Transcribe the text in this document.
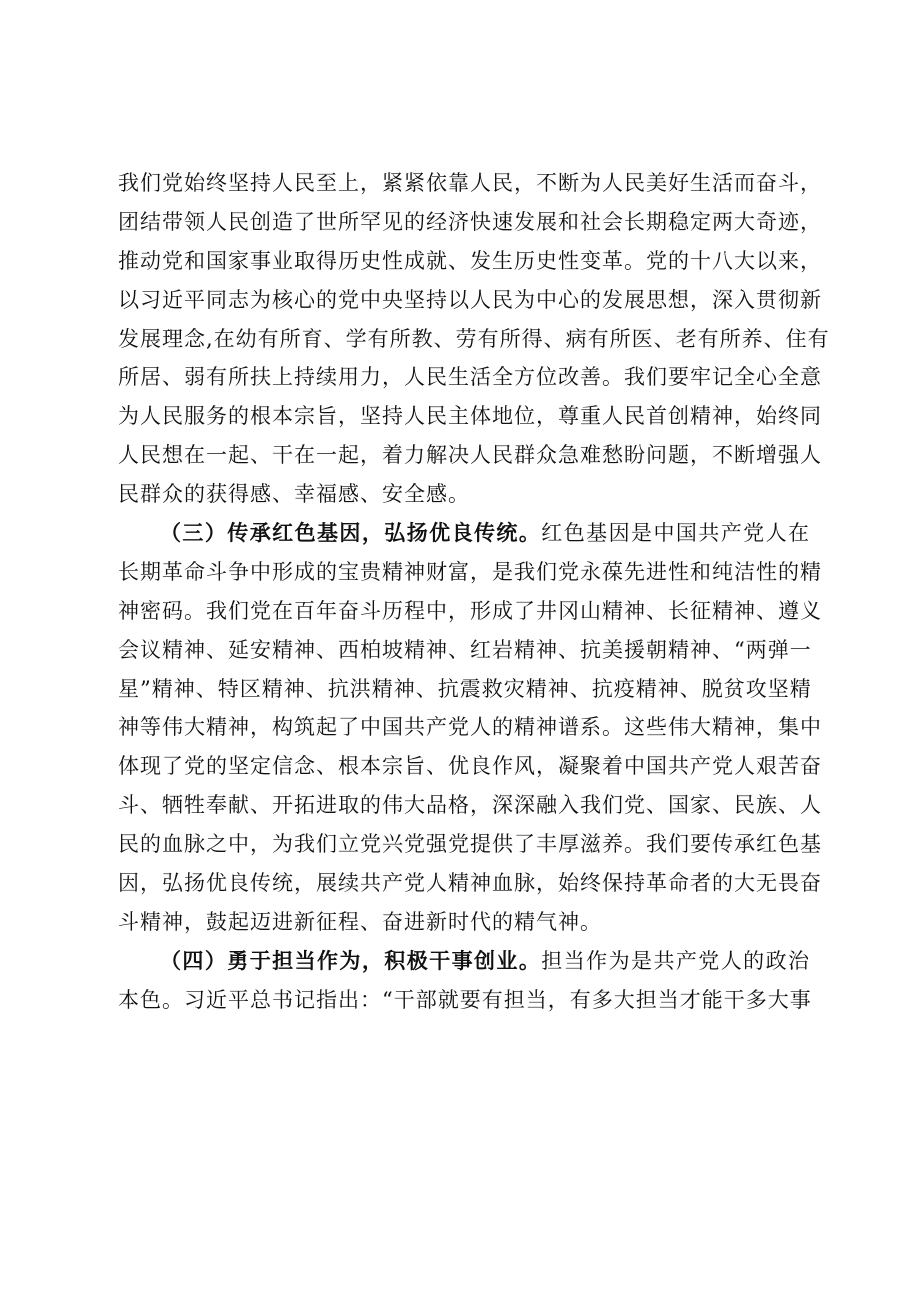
我们党始终坚持人民至上，紧紧依靠人民，不断为人民美好生活而奋斗，
团结带领人民创造了世所罕见的经济快速发展和社会长期稳定两大奇迹，
推动党和国家事业取得历史性成就、发生历史性变革。党的十八大以来，
以习近平同志为核心的党中央坚持以人民为中心的发展思想，深入贯彻新
发展理念,在幼有所育、学有所教、劳有所得、病有所医、老有所养、住有
所居、弱有所扶上持续用力，人民生活全方位改善。我们要牢记全心全意
为人民服务的根本宗旨，坚持人民主体地位，尊重人民首创精神，始终同
人民想在一起、干在一起，着力解决人民群众急难愁盼问题，不断增强人
民群众的获得感、幸福感、安全感。
（三）传承红色基因，弘扬优良传统。红色基因是中国共产党人在
长期革命斗争中形成的宝贵精神财富，是我们党永葆先进性和纯洁性的精
神密码。我们党在百年奋斗历程中，形成了井冈山精神、长征精神、遵义
会议精神、延安精神、西柏坡精神、红岩精神、抗美援朝精神、“两弹一
星”精神、特区精神、抗洪精神、抗震救灾精神、抗疫精神、脱贫攻坚精
神等伟大精神，构筑起了中国共产党人的精神谱系。这些伟大精神，集中
体现了党的坚定信念、根本宗旨、优良作风，凝聚着中国共产党人艰苦奋
斗、牺牲奉献、开拓进取的伟大品格，深深融入我们党、国家、民族、人
民的血脉之中，为我们立党兴党强党提供了丰厚滋养。我们要传承红色基
因，弘扬优良传统，展续共产党人精神血脉，始终保持革命者的大无畏奋
斗精神，鼓起迈进新征程、奋进新时代的精气神。
（四）勇于担当作为，积极干事创业。担当作为是共产党人的政治
本色。习近平总书记指出：“干部就要有担当，有多大担当才能干多大事
